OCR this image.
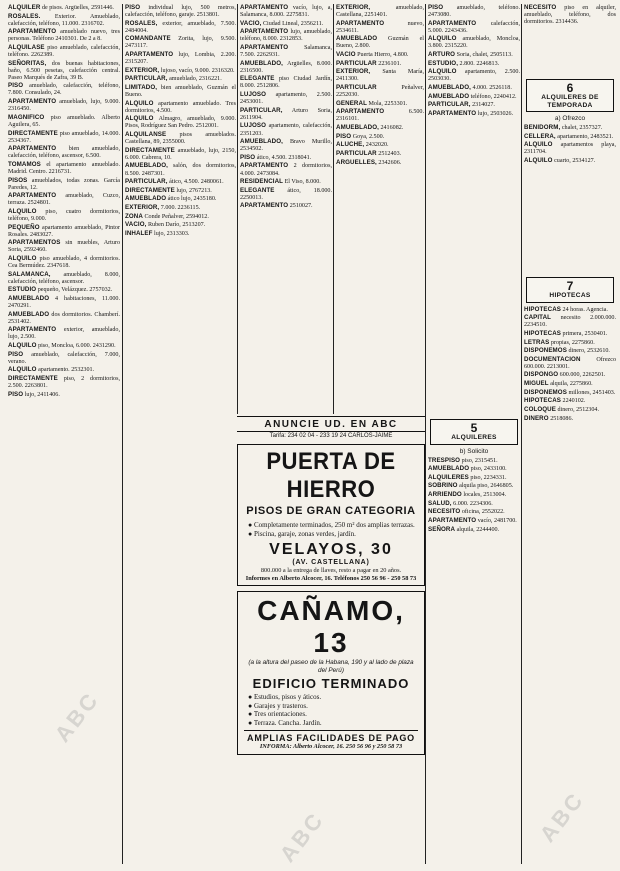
ALQUILER de pisos. Argüelles, 2591446.

ROSALES. Exterior. Amueblado, calefacción, teléfono, 11.000. 2316702.

APARTAMENTO amueblado nuevo, tres personas. Teléfono 2410301. De 2 a 8.

ALQUILASE piso amueblado, calefacción, teléfono. 2262389.

SEÑORITAS, dos buenas habitaciones, baño, 6.500 pesetas, calefacción central. Paseo Marqués de Zafra, 39 B.

PISO amueblado, calefacción, teléfono, 7.800. Consulado, 24.

APARTAMENTO amueblado, lujo, 9.000. 2316450.

MAGNIFICO piso amueblado. Alberto Aguilera, 65.

DIRECTAMENTE piso amueblado, 14.000. 2534367.

APARTAMENTO bien amueblado, calefacción, teléfono, ascensor, 6.500.

TOMAMOS el apartamento amueblado. Madrid. Centro. 2216731.

PISOS amueblados, todas zonas. García Paredes, 12.

APARTAMENTO amueblado, Cuzco, terraza. 2524801.

ALQUILO piso, cuatro dormitorios, teléfono, 9.000.

PEQUEÑO apartamento amueblado, Pintor Rosales. 2483027.

APARTAMENTOS sin muebles, Arturo Soria, 2592460.

ALQUILO piso amueblado, 4 dormitorios. Cea Bermúdez. 2347618.

SALAMANCA, amueblado, 8.000, calefacción, teléfono, ascensor.

ESTUDIO pequeño, Velázquez. 2757032.

AMUEBLADO 4 habitaciones, 11.000. 2470291.

AMUEBLADO dos dormitorios. Chamberí. 2531402.

APARTAMENTO exterior, amueblado, lujo, 2.500.

ALQUILO piso, Moncloa, 6.000. 2431290.

PISO amueblado, calefacción, 7.000, verano.

ALQUILO apartamento. 2532301.

DIRECTAMENTE piso, 2 dormitorios, 2.500. 2263801.

PISO lujo, 2411406.

PISO individual lujo, 500 metros, calefacción, teléfono, garaje. 2513801.

ROSALES, exterior, amueblado, 7.500. 2484004.

COMANDANTE Zorita, lujo, 9.500. 2473117.

APARTAMENTO lujo, Lombia, 2.200. 2315207.

EXTERIOR, lujoso, vacío, 9.000. 2316320.

PARTICULAR, amueblado, 2316221.

LIMITADO, bien amueblado, Guzmán el Bueno.

ALQUILO apartamento amueblado. Tres dormitorios, 4.500.

ALQUILO Almagro, amueblado, 9.000. Pisos, Rodríguez San Pedro. 2512001.

ALQUILANSE pisos amueblados. Castellana, 89, 2355000.

DIRECTAMENTE amueblado, lujo, 2150, 6.000. Cabrera, 10.

AMUEBLADO, salón, dos dormitorios, 8.500. 2487301.

PARTICULAR, ático, 4.500. 2480061.

DIRECTAMENTE lujo, 2767213.

AMUEBLADO ático lujo, 2435180.

EXTERIOR, 7.000. 2236115.

ZONA Conde Peñalver, 2594012.

VACIO, Ruben Darío, 2513207.

INHALEF lujo, 2313303.

APARTAMENTO vacío, lujo, a, Salamanca, 8.000. 2275831.

VACIO, Ciudad Lineal, 2356211.

APARTAMENTO lujo, amueblado, teléfono, 8.000. 2312853.

APARTAMENTO Salamanca, 7.500. 2262931.

AMUEBLADO, Argüelles, 8.000. 2316500.

ELEGANTE piso Ciudad Jardín, 8.000. 2512806.

LUJOSO apartamento, 2.500. 2453001.

PARTICULAR, Arturo Soria, 2611904.

LUJOSO apartamento, calefacción, 2351203.

AMUEBLADO, Bravo Murillo, 2534502.

PISO ático, 4.500. 2318041.

APARTAMENTO 2 dormitorios, 4.000. 2473084.

RESIDENCIAL El Viso, 8.000.

ELEGANTE ático, 18.000. 2250013.

APARTAMENTO 2510027.

EXTERIOR, amueblado, Castellana, 2251401.

APARTAMENTO nuevo, 2534611.

AMUEBLADO Guzmán el Bueno, 2.800.

VACIO Puerta Hierro, 4.800.

PARTICULAR 2236101.

EXTERIOR, Santa María, 2411300.

PARTICULAR Peñalver, 2252030.

GENERAL Mola, 2253301.

APARTAMENTO 6.500. 2316101.

AMUEBLADO, 2416082.

PISO Goya, 2.500.

ALUCHE, 2432020.

PARTICULAR 2512403.

ARGUELLES, 2342606.

PISO amueblado, teléfono. 2473080.

APARTAMENTO calefacción, 5.000. 2243436.

ALQUILO amueblado, Moncloa, 3.800. 2315220.

ARTURO Soria, chalet, 2505113.

ESTUDIO, 2.800. 2246813.

ALQUILO apartamento, 2.500. 2503030.

AMUEBLADO, 4.000. 2526118.

AMUEBLADO teléfono, 2240412.

PARTICULAR, 2314027.

APARTAMENTO lujo, 2503026.

5
ALQUILERES
b) Solicito

TRESPISO piso, 2315451.

AMUEBLADO piso, 2433100.

ALQUILERES piso, 2234331.

SOBRINO alquila piso, 2646805.

ARRIENDO locales, 2513004.

SALUD, 6.000. 2234306.

NECESITO oficina, 2552022.

APARTAMENTO vacío, 2481700.

SEÑORA alquila, 2244400.

NECESITO piso en alquiler, amueblado, teléfono, dos dormitorios. 2314436.

6
ALQUILERES DE TEMPORADA
a) Ofrezco

BENIDORM, chalet, 2357327.

CELLERA, apartamento, 2483521.

ALQUILO apartamentos playa, 2311704.

ALQUILO cuarto, 2534127.

7
HIPOTECAS

HIPOTECAS 24 horas. Agencia.

CAPITAL necesito 2.000.000. 2234510.

HIPOTECAS primera, 2530401.

LETRAS propias, 2275860.

DISPONEMOS dinero, 2532610.

DOCUMENTACION Ofrezco 600.000. 2213001.

DISPONGO 600.000, 2262501.

MIGUEL alquila, 2275860.

DISPONEMOS millones, 2451403.

HIPOTECAS 2240102.

COLOQUE dinero, 2512304.

DINERO 2518086.

ANUNCIE UD. EN ABC
Tarifa: 234 02 04 - 233 19 24 CARLOS-JAIME
PUERTA DE HIERRO
PISOS DE GRAN CATEGORIA
● Completamente terminados, 250 m² dos amplias terrazas.
● Piscina, garaje, zonas verdes, jardín.
VELAYOS, 30
(AV. CASTELLANA)
800.000 a la entrega de llaves, resto a pagar en 20 años.
Informes en Alberto Alcocer, 16. Teléfonos 250 56 96 - 250 58 73
CAÑAMO, 13
(a la altura del paseo de la Habana, 190 y al lado de plaza del Perú)
EDIFICIO TERMINADO
● Estudios, pisos y áticos.
● Garajes y trasteros.
● Tres orientaciones.
● Terraza. Cancha. Jardín.
AMPLIAS FACILIDADES DE PAGO
INFORMA: Alberto Alcocer, 16. 250 56 96 y 250 58 73
ABC
ABC	ABC
